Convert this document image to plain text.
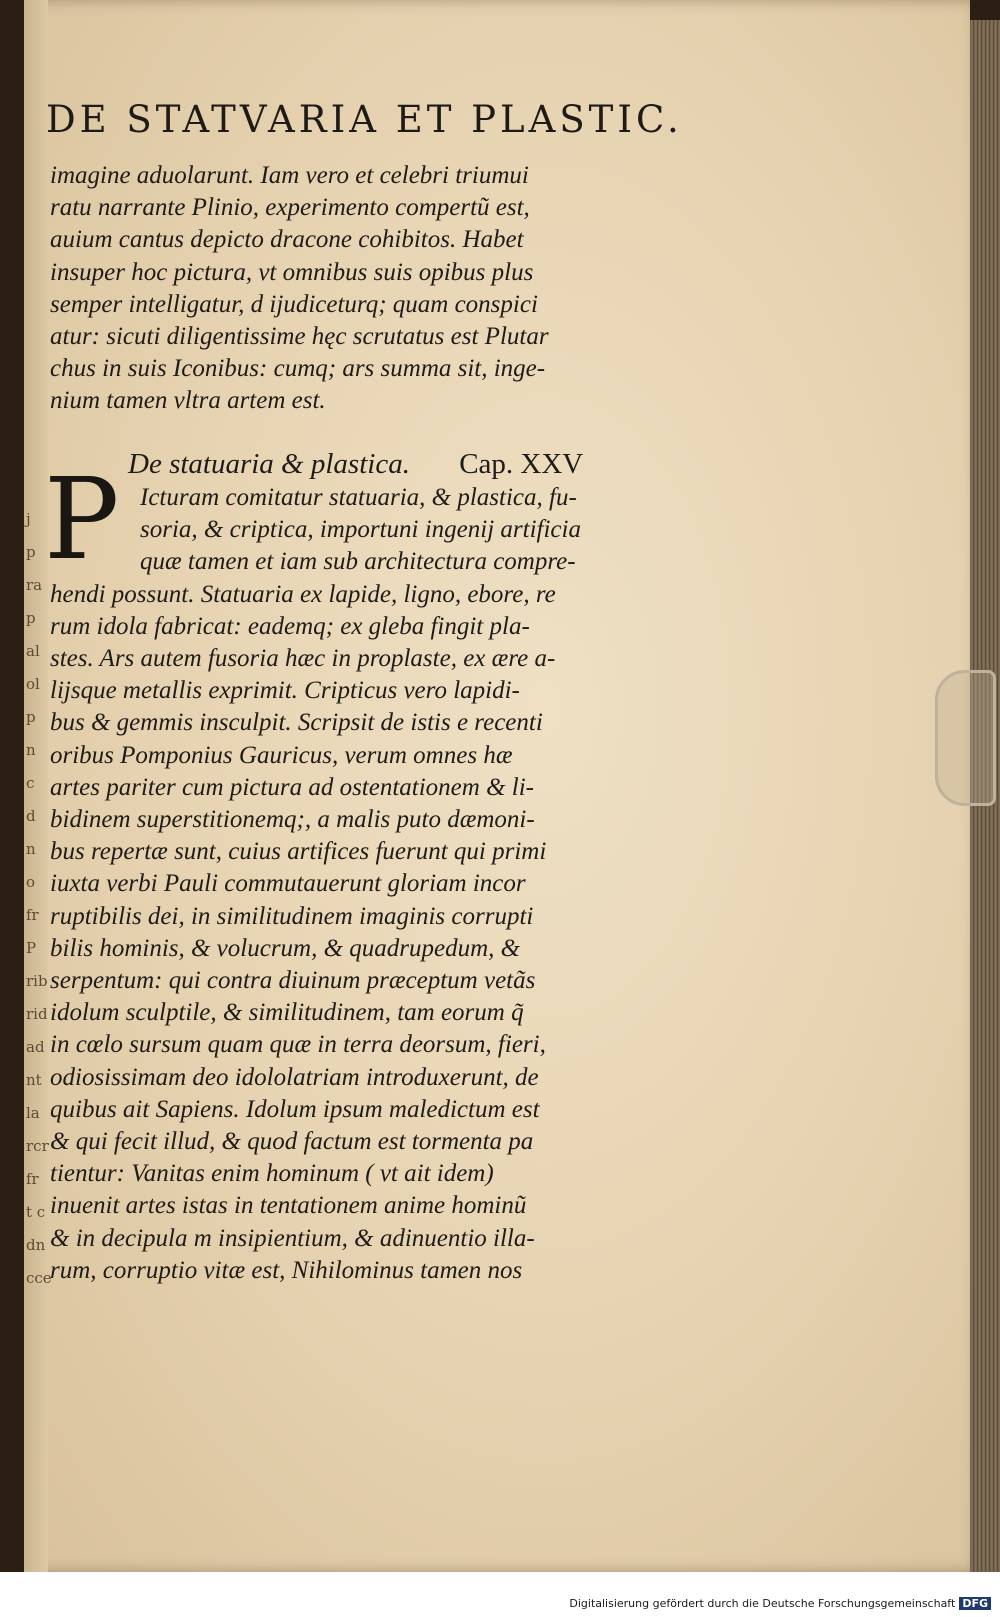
j
p
ra
p
al
ol
p
n
c
d
n
o
fr
P
rib
rid
ad
nt
la
rcr
fr
t c
dn
cce
DE STATVARIA ET PLASTIC.
imagine aduolarunt. Iam vero et celebri triumui
ratu narrante Plinio, experimento compertũ est,
auium cantus depicto dracone cohibitos. Habet
insuper hoc pictura, vt omnibus suis opibus plus
semper intelligatur, d ijudiceturq; quam conspici
atur: sicuti diligentissime hęc scrutatus est Plutar
chus in suis Iconibus: cumq; ars summa sit, inge-
nium tamen vltra artem est.
De statuaria & plastica. Cap. XXV
P Icturam comitatur statuaria, & plastica, fu-
soria, & criptica, importuni ingenij artificia
quæ tamen et iam sub architectura compre-
hendi possunt. Statuaria ex lapide, ligno, ebore, re
rum idola fabricat: eademq; ex gleba fingit pla-
stes. Ars autem fusoria hæc in proplaste, ex ære a-
lijsque metallis exprimit. Cripticus vero lapidi-
bus & gemmis insculpit. Scripsit de istis e recenti
oribus Pomponius Gauricus, verum omnes hæ
artes pariter cum pictura ad ostentationem & li-
bidinem superstitionemq;, a malis puto dæmoni-
bus repertæ sunt, cuius artifices fuerunt qui primi
iuxta verbi Pauli commutauerunt gloriam incor
ruptibilis dei, in similitudinem imaginis corrupti
bilis hominis, & volucrum, & quadrupedum, &
serpentum: qui contra diuinum præceptum vetãs
idolum sculptile, & similitudinem, tam eorum q̃
in cœlo sursum quam quæ in terra deorsum, fieri,
odiosissimam deo idololatriam introduxerunt, de
quibus ait Sapiens. Idolum ipsum maledictum est
& qui fecit illud, & quod factum est tormenta pa
tientur: Vanitas enim hominum ( vt ait idem)
inuenit artes istas in tentationem anime hominũ
& in decipula m insipientium, & adinuentio illa-
rum, corruptio vitæ est, Nihilominus tamen nos
Digitalisierung gefördert durch die Deutsche Forschungsgemeinschaft DFG
